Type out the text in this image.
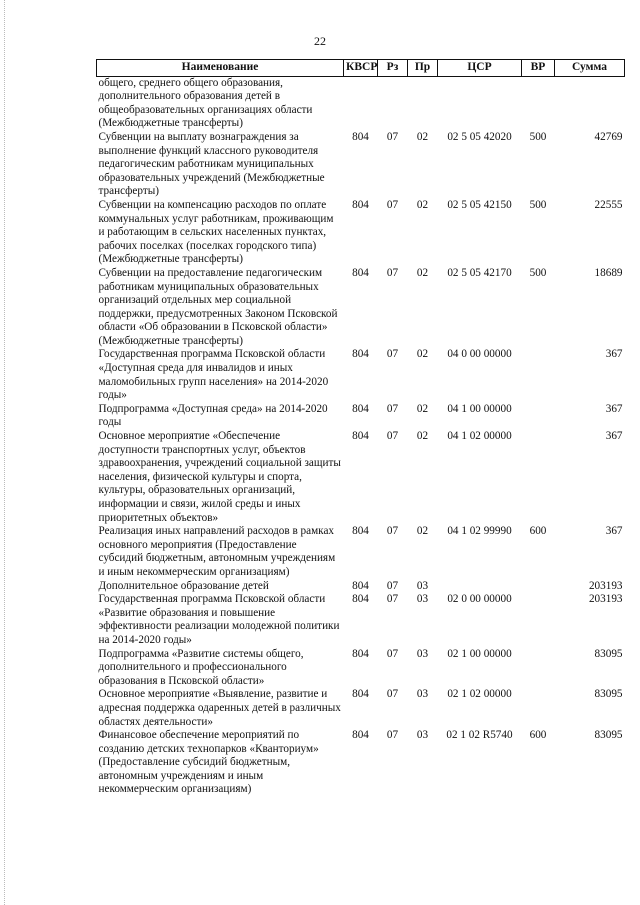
22
Наименование	КВСР	Рз	Пр	ЦСР	ВР	Сумма
общего, среднего общего образования, дополнительного образования детей в общеобразовательных организациях области (Межбюджетные трансферты)						
Субвенции на выплату вознаграждения за выполнение функций классного руководителя педагогическим работникам муниципальных образовательных учреждений (Межбюджетные трансферты)	804	07	02	02 5 05 42020	500	42769
Субвенции на компенсацию расходов по оплате коммунальных услуг работникам, проживающим и работающим в сельских населенных пунктах, рабочих поселках (поселках городского типа) (Межбюджетные трансферты)	804	07	02	02 5 05 42150	500	22555
Субвенции на предоставление педагогическим работникам муниципальных образовательных организаций отдельных мер социальной поддержки, предусмотренных Законом Псковской области «Об образовании в Псковской области» (Межбюджетные трансферты)	804	07	02	02 5 05 42170	500	18689
Государственная программа Псковской области «Доступная среда для инвалидов и иных маломобильных групп населения» на 2014-2020 годы»	804	07	02	04 0 00 00000		367
Подпрограмма «Доступная среда» на 2014-2020 годы	804	07	02	04 1 00 00000		367
Основное мероприятие «Обеспечение доступности транспортных услуг, объектов здравоохранения, учреждений социальной защиты населения, физической культуры и спорта, культуры, образовательных организаций, информации и связи, жилой среды и иных приоритетных объектов»	804	07	02	04 1 02 00000		367
Реализация иных направлений расходов в рамках основного мероприятия (Предоставление субсидий бюджетным, автономным учреждениям и иным некоммерческим организациям)	804	07	02	04 1 02 99990	600	367
Дополнительное образование детей	804	07	03			203193
Государственная программа Псковской области «Развитие образования и повышение эффективности реализации молодежной политики на 2014-2020 годы»	804	07	03	02 0 00 00000		203193
Подпрограмма «Развитие системы общего, дополнительного и профессионального образования в Псковской области»	804	07	03	02 1 00 00000		83095
Основное мероприятие «Выявление, развитие и адресная поддержка одаренных детей в различных областях деятельности»	804	07	03	02 1 02 00000		83095
Финансовое обеспечение мероприятий по созданию детских технопарков «Кванториум» (Предоставление субсидий бюджетным, автономным учреждениям и иным некоммерческим организациям)	804	07	03	02 1 02 R5740	600	83095
